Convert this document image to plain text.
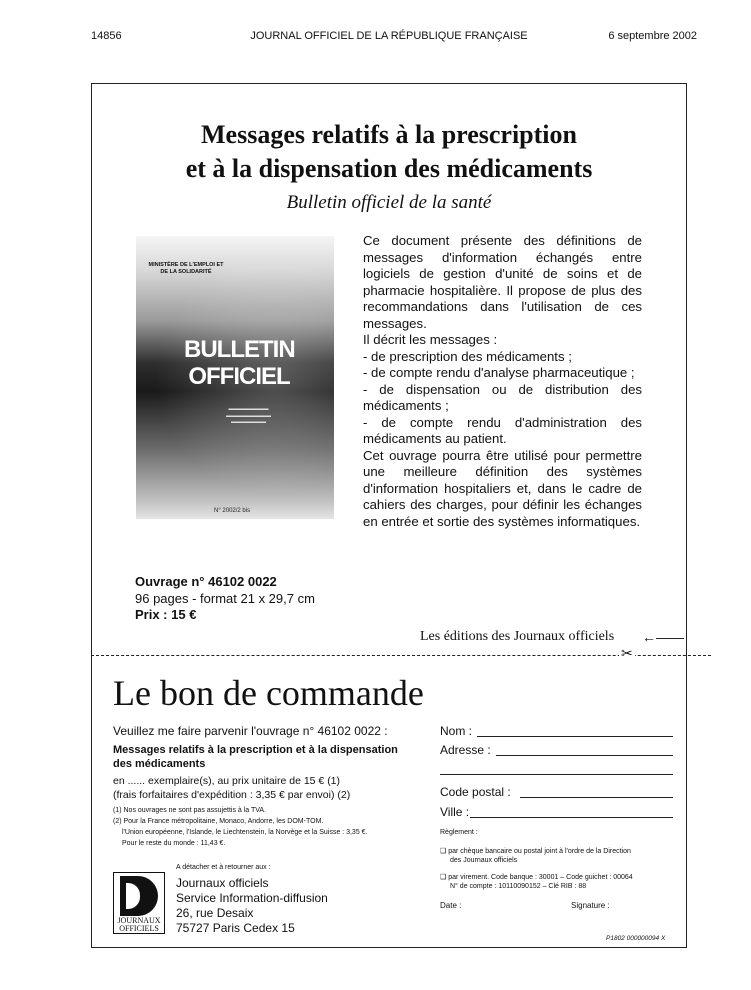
14856	JOURNAL OFFICIEL DE LA RÉPUBLIQUE FRANÇAISE	6 septembre 2002
Messages relatifs à la prescription
et à la dispensation des médicaments
Bulletin officiel de la santé
MINISTÈRE DE L'EMPLOI ET DE LA SOLIDARITÉ
BULLETIN
OFFICIEL
▬▬▬▬▬▬▬▬
▬▬▬▬▬▬▬▬▬
▬▬▬▬▬▬▬
N° 2002/2 bis

Ce document présente des définitions de messages d'information échangés entre logiciels de gestion d'unité de soins et de pharmacie hospitalière. Il propose de plus des recommandations dans l'utilisation de ces messages.

Il décrit les messages :

- de prescription des médicaments ;

- de compte rendu d'analyse pharmaceutique ;

- de dispensation ou de distribution des médicaments ;

- de compte rendu d'administration des médicaments au patient.

Cet ouvrage pourra être utilisé pour permettre une meilleure définition des systèmes d'information hospitaliers et, dans le cadre de cahiers des charges, pour définir les échanges en entrée et sortie des systèmes informatiques.

Ouvrage n° 46102 0022
96 pages - format 21 x 29,7 cm
Prix : 15 €
Les éditions des Journaux officiels ←——
✂
Le bon de commande
Veuillez me faire parvenir l'ouvrage n° 46102 0022 :
Messages relatifs à la prescription et à la dispensation
des médicaments
en ...... exemplaire(s), au prix unitaire de 15 € (1)
(frais forfaitaires d'expédition : 3,35 € par envoi) (2)
(1) Nos ouvrages ne sont pas assujettis à la TVA.
(2) Pour la France métropolitaine, Monaco, Andorre, les DOM-TOM.
l'Union européenne, l'Islande, le Liechtenstein, la Norvège et la Suisse : 3,35 €.
Pour le reste du monde : 11,43 €.
JOURNAUX
OFFICIELS
A détacher et à retourner aux :
Journaux officiels
Service Information-diffusion
26, rue Desaix
75727 Paris Cedex 15
Nom :
Adresse :
Code postal :
Ville :
Règlement :
❑ par chèque bancaire ou postal joint à l'ordre de la Direction
des Journaux officiels
❑ par virement. Code banque : 30001 – Code guichet : 00064
N° de compte : 10110090152 – Clé RIB : 88
Date :	Signature :
P1802 000000094 X
